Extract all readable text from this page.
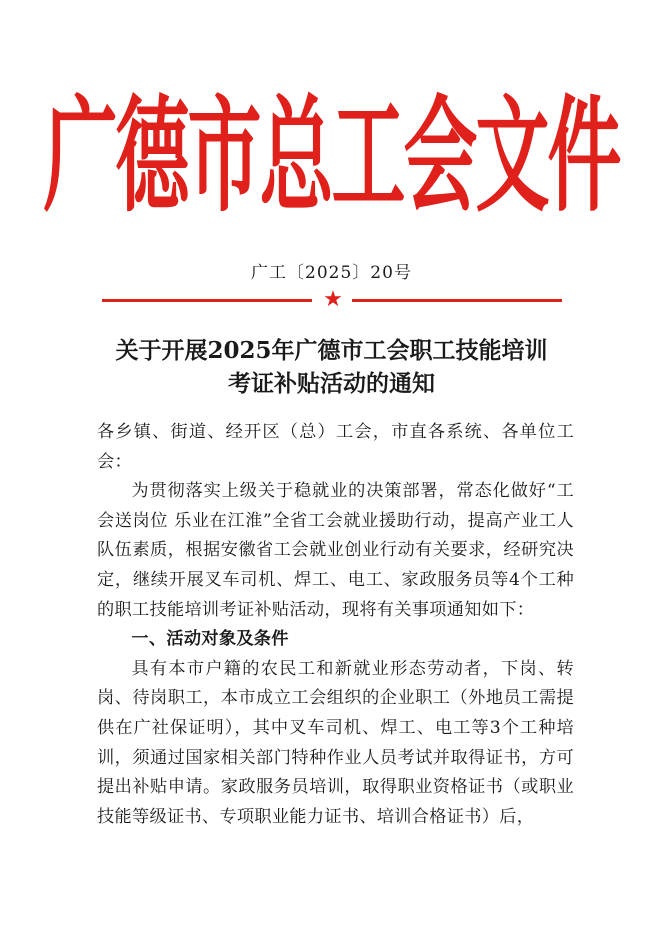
广德市总工会文件
广工〔2025〕20号
★
关于开展2025年广德市工会职工技能培训
考证补贴活动的通知

各乡镇、街道、经开区（总）工会，市直各系统、各单位工会：

为贯彻落实上级关于稳就业的决策部署，常态化做好“工会送岗位 乐业在江淮”全省工会就业援助行动，提高产业工人队伍素质，根据安徽省工会就业创业行动有关要求，经研究决定，继续开展叉车司机、焊工、电工、家政服务员等4个工种的职工技能培训考证补贴活动，现将有关事项通知如下：

一、活动对象及条件

具有本市户籍的农民工和新就业形态劳动者，下岗、转岗、待岗职工，本市成立工会组织的企业职工（外地员工需提供在广社保证明），其中叉车司机、焊工、电工等3个工种培训，须通过国家相关部门特种作业人员考试并取得证书，方可提出补贴申请。家政服务员培训，取得职业资格证书（或职业技能等级证书、专项职业能力证书、培训合格证书）后，
